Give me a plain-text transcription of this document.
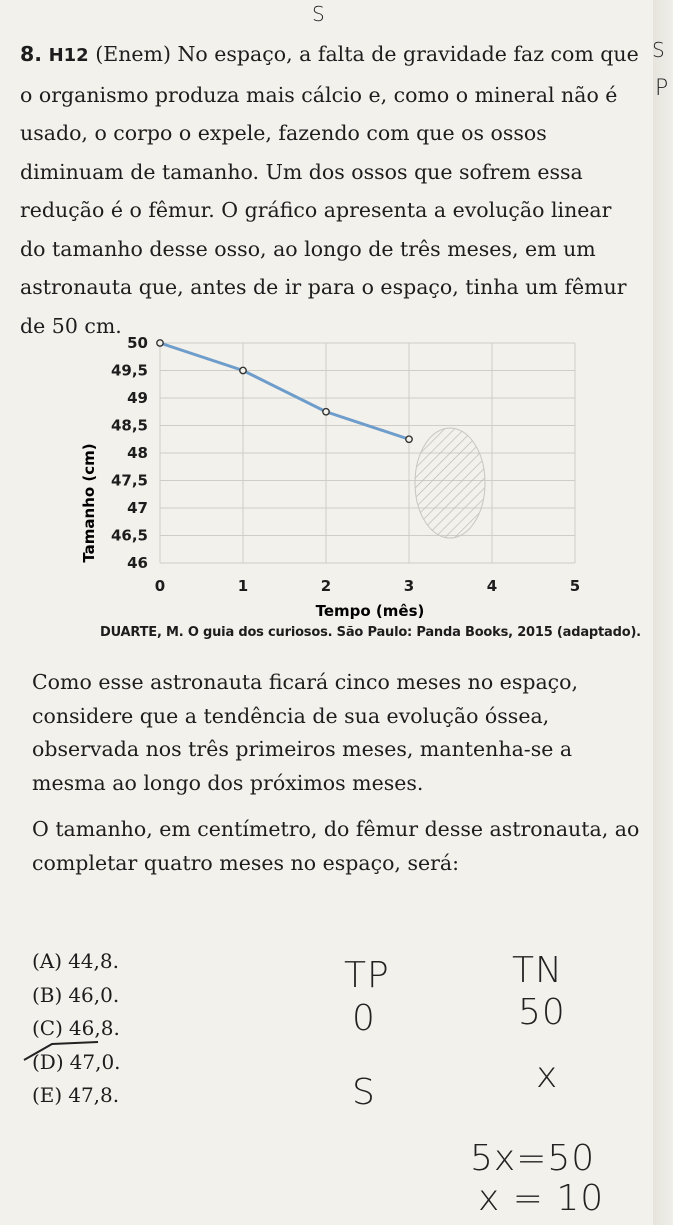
S
S
P
8. H12 (Enem) No espaço, a falta de gravidade faz com que o organismo produza mais cálcio e, como o mineral não é usado, o corpo o expele, fazendo com que os ossos diminuam de tamanho. Um dos ossos que sofrem essa redução é o fêmur. O gráfico apresenta a evolução linear do tamanho desse osso, ao longo de três meses, em um astronauta que, antes de ir para o espaço, tinha um fêmur de 50 cm.
46
46,5
47
47,5
48
48,5
49
49,5
50
0	1	2	3	4	5
Tamanho (cm)
Tempo (mês)
DUARTE, M. O guia dos curiosos. São Paulo: Panda Books, 2015 (adaptado).
Como esse astronauta ficará cinco meses no espaço, considere que a tendência de sua evolução óssea, observada nos três primeiros meses, mantenha-se a mesma ao longo dos próximos meses.
O tamanho, em centímetro, do fêmur desse astronauta, ao completar quatro meses no espaço, será:
(A) 44,8.
(B) 46,0.
(C) 46,8.
(D) 47,0.
(E) 47,8.
TP	TN
0	50
S	x
5x=50
x = 10
